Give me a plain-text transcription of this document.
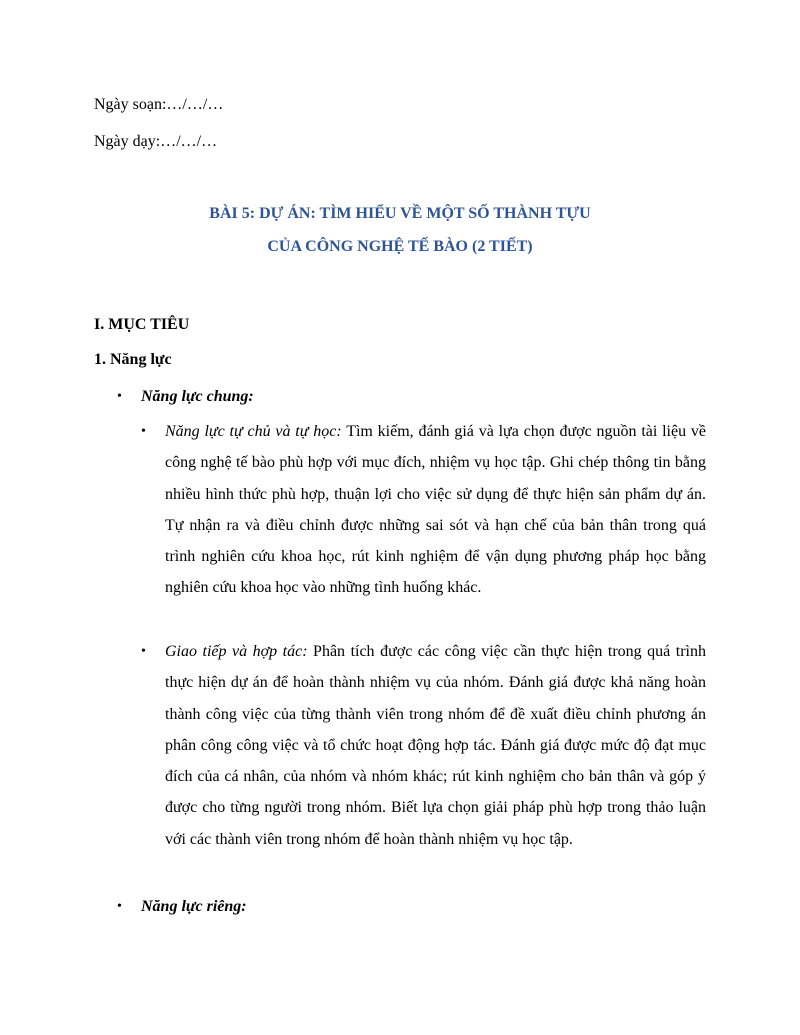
Ngày soạn:…/…/…
Ngày dạy:…/…/…
BÀI 5: DỰ ÁN: TÌM HIỂU VỀ MỘT SỐ THÀNH TỰU
CỦA CÔNG NGHỆ TẾ BÀO (2 TIẾT)
I. MỤC TIÊU
1. Năng lực
• Năng lực chung:
• Năng lực tự chủ và tự học: Tìm kiếm, đánh giá và lựa chọn được nguồn tài liệu về công nghệ tế bào phù hợp với mục đích, nhiệm vụ học tập. Ghi chép thông tin bằng nhiều hình thức phù hợp, thuận lợi cho việc sử dụng để thực hiện sản phẩm dự án. Tự nhận ra và điều chỉnh được những sai sót và hạn chế của bản thân trong quá trình nghiên cứu khoa học, rút kinh nghiệm để vận dụng phương pháp học bằng nghiên cứu khoa học vào những tình huống khác.
• Giao tiếp và hợp tác: Phân tích được các công việc cần thực hiện trong quá trình thực hiện dự án để hoàn thành nhiệm vụ của nhóm. Đánh giá được khả năng hoàn thành công việc của từng thành viên trong nhóm để đề xuất điều chỉnh phương án phân công công việc và tổ chức hoạt động hợp tác. Đánh giá được mức độ đạt mục đích của cá nhân, của nhóm và nhóm khác; rút kinh nghiệm cho bản thân và góp ý được cho từng người trong nhóm. Biết lựa chọn giải pháp phù hợp trong thảo luận với các thành viên trong nhóm để hoàn thành nhiệm vụ học tập.
• Năng lực riêng:
